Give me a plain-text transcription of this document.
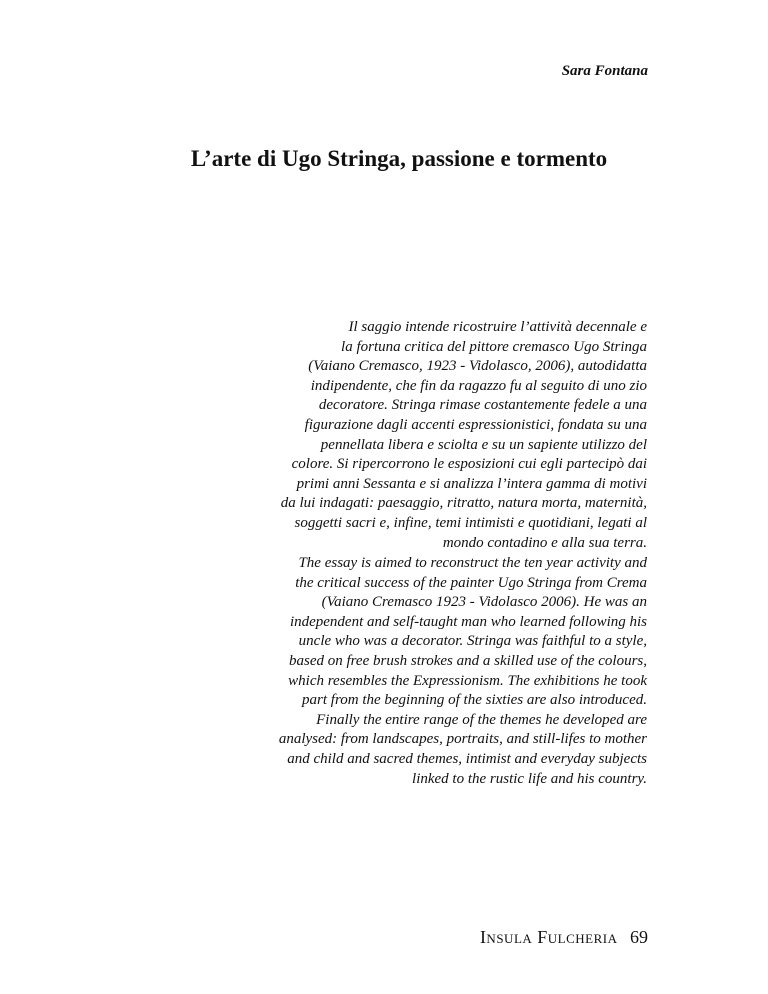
Sara Fontana

L’arte di Ugo Stringa, passione e tormento

Il saggio intende ricostruire l’attività decennale e
la fortuna critica del pittore cremasco Ugo Stringa
(Vaiano Cremasco, 1923 - Vidolasco, 2006), autodidatta
indipendente, che fin da ragazzo fu al seguito di uno zio
decoratore. Stringa rimase costantemente fedele a una
figurazione dagli accenti espressionistici, fondata su una
pennellata libera e sciolta e su un sapiente utilizzo del
colore. Si ripercorrono le esposizioni cui egli partecipò dai
primi anni Sessanta e si analizza l’intera gamma di motivi
da lui indagati: paesaggio, ritratto, natura morta, maternità,
soggetti sacri e, infine, temi intimisti e quotidiani, legati al
mondo contadino e alla sua terra.

The essay is aimed to reconstruct the ten year activity and
the critical success of the painter Ugo Stringa from Crema
(Vaiano Cremasco 1923 - Vidolasco 2006). He was an
independent and self-taught man who learned following his
uncle who was a decorator. Stringa was faithful to a style,
based on free brush strokes and a skilled use of the colours,
which resembles the Expressionism. The exhibitions he took
part from the beginning of the sixties are also introduced.
Finally the entire range of the themes he developed are
analysed: from landscapes, portraits, and still-lifes to mother
and child and sacred themes, intimist and everyday subjects
linked to the rustic life and his country.

Insula Fulcheria 69
